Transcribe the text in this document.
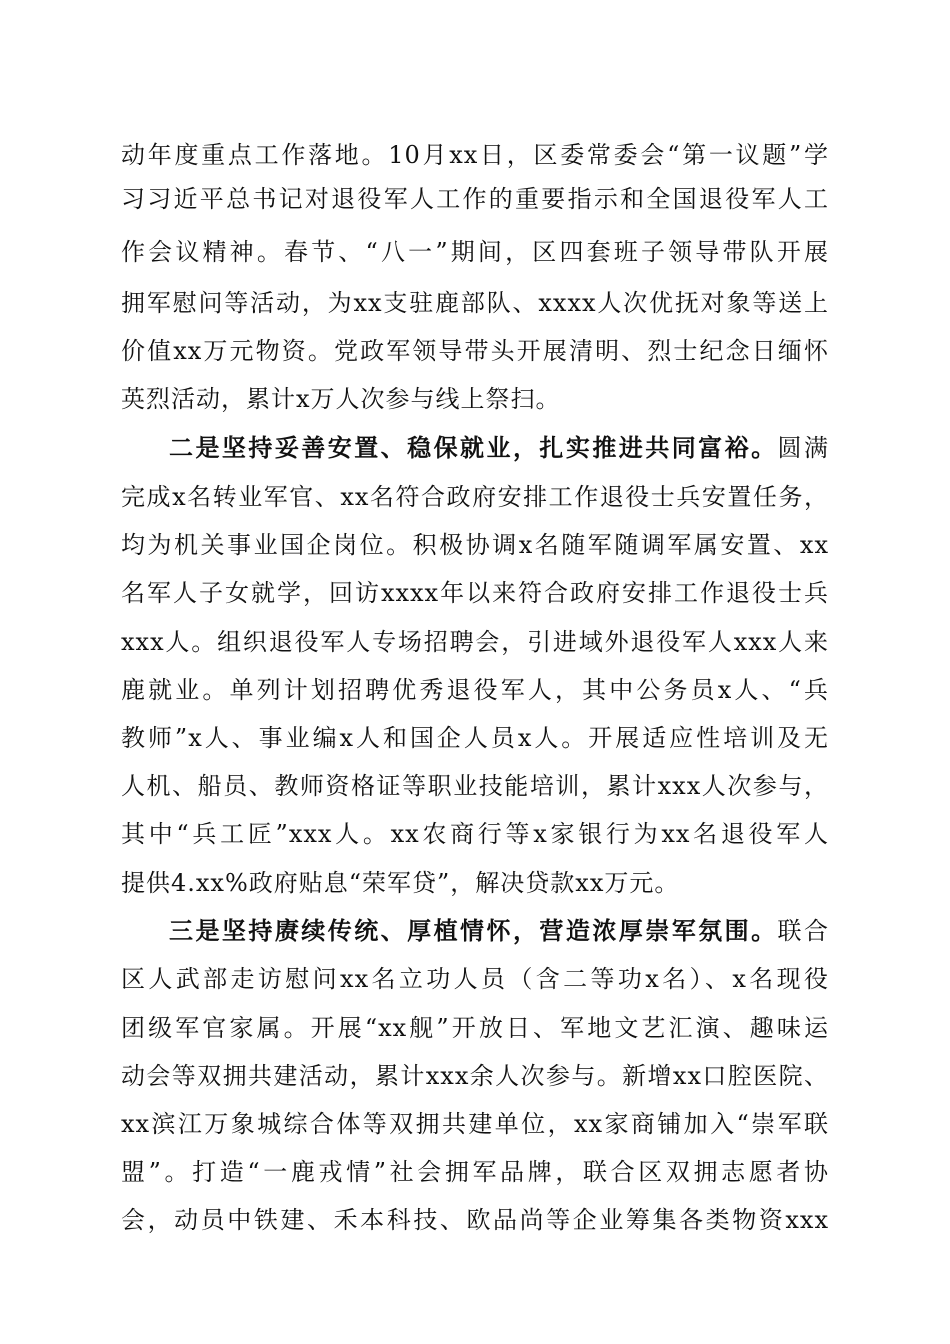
动年度重点工作落地。10月xx日，区委常委会“第一议题”学
习习近平总书记对退役军人工作的重要指示和全国退役军人工
作会议精神。春节、“八一”期间，区四套班子领导带队开展
拥军慰问等活动，为xx支驻鹿部队、xxxx人次优抚对象等送上
价值xx万元物资。党政军领导带头开展清明、烈士纪念日缅怀
英烈活动，累计x万人次参与线上祭扫。
二是坚持妥善安置、稳保就业，扎实推进共同富裕。圆满
完成x名转业军官、xx名符合政府安排工作退役士兵安置任务，
均为机关事业国企岗位。积极协调x名随军随调军属安置、xx
名军人子女就学，回访xxxx年以来符合政府安排工作退役士兵
xxx人。组织退役军人专场招聘会，引进域外退役军人xxx人来
鹿就业。单列计划招聘优秀退役军人，其中公务员x人、“兵
教师”x人、事业编x人和国企人员x人。开展适应性培训及无
人机、船员、教师资格证等职业技能培训，累计xxx人次参与，
其中“兵工匠”xxx人。xx农商行等x家银行为xx名退役军人
提供4.xx%政府贴息“荣军贷”，解决贷款xx万元。
三是坚持赓续传统、厚植情怀，营造浓厚崇军氛围。联合
区人武部走访慰问xx名立功人员（含二等功x名）、x名现役
团级军官家属。开展“xx舰”开放日、军地文艺汇演、趣味运
动会等双拥共建活动，累计xxx余人次参与。新增xx口腔医院、
xx滨江万象城综合体等双拥共建单位，xx家商铺加入“崇军联
盟”。打造“一鹿戎情”社会拥军品牌，联合区双拥志愿者协
会，动员中铁建、禾本科技、欧品尚等企业筹集各类物资xxx
